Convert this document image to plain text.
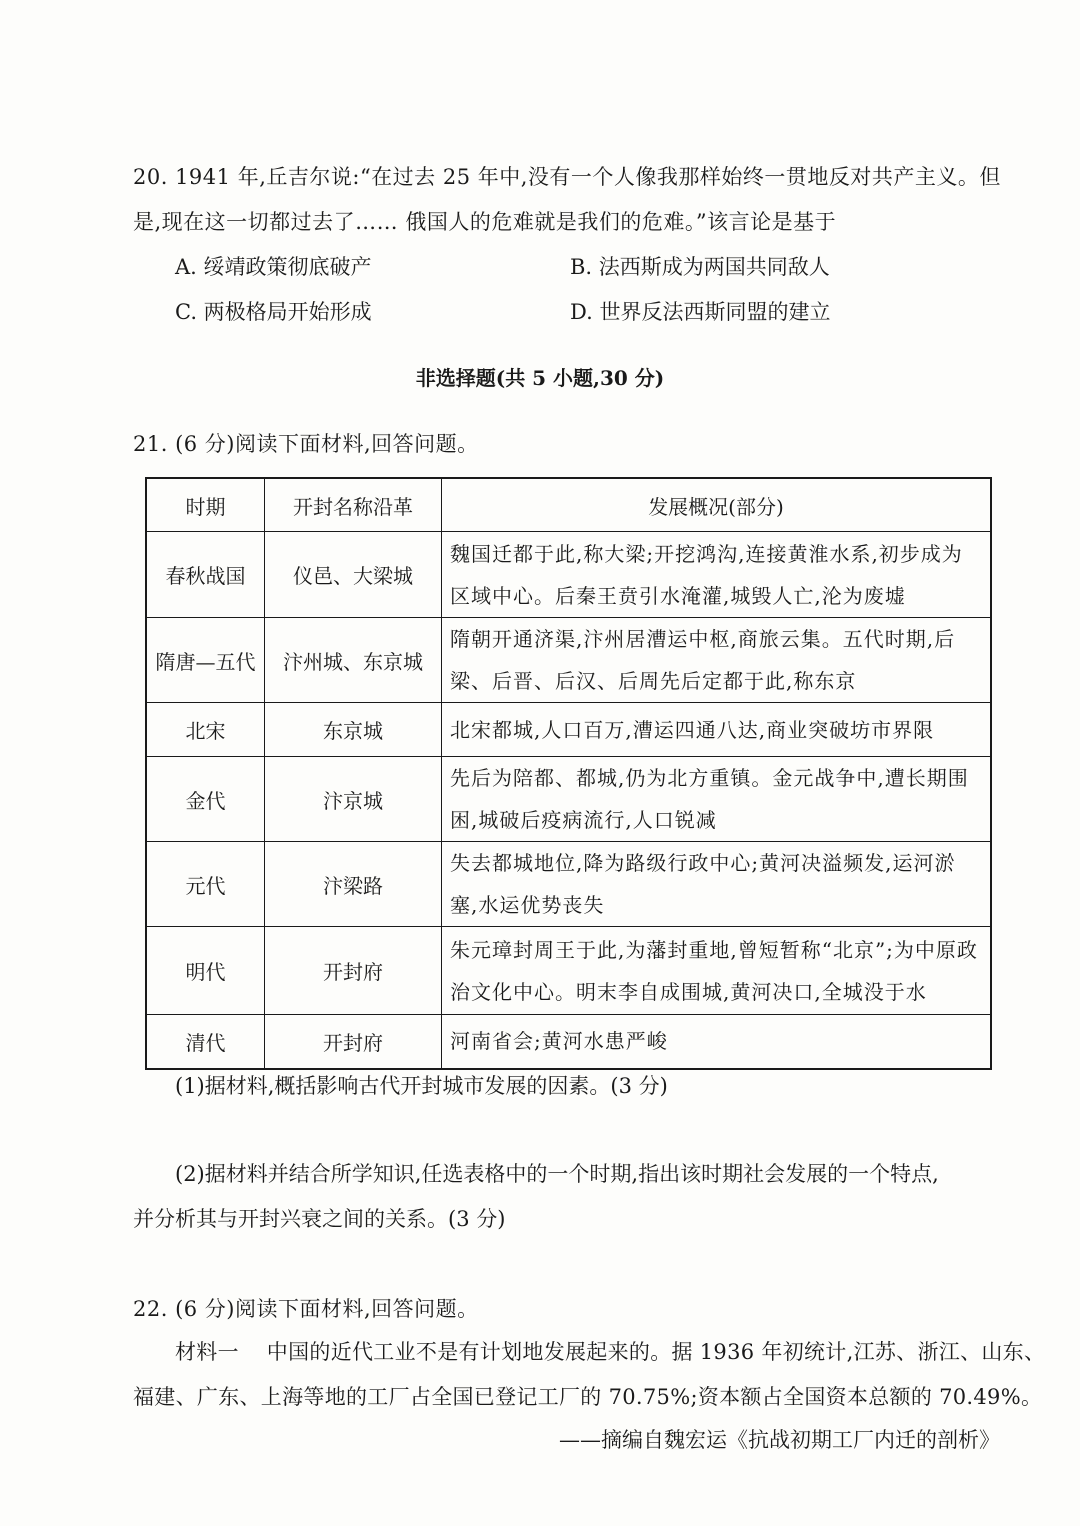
20. 1941 年,丘吉尔说:“在过去 25 年中,没有一个人像我那样始终一贯地反对共产主义。但
是,现在这一切都过去了…… 俄国人的危难就是我们的危难。”该言论是基于
A. 绥靖政策彻底破产	B. 法西斯成为两国共同敌人
C. 两极格局开始形成	D. 世界反法西斯同盟的建立
非选择题(共 5 小题,30 分)
21. (6 分)阅读下面材料,回答问题。
时期	开封名称沿革	发展概况(部分)
春秋战国	仪邑、大梁城	魏国迁都于此,称大梁;开挖鸿沟,连接黄淮水系,初步成为区域中心。后秦王贲引水淹灌,城毁人亡,沦为废墟
隋唐—五代	汴州城、东京城	隋朝开通济渠,汴州居漕运中枢,商旅云集。五代时期,后梁、后晋、后汉、后周先后定都于此,称东京
北宋	东京城	北宋都城,人口百万,漕运四通八达,商业突破坊市界限
金代	汴京城	先后为陪都、都城,仍为北方重镇。金元战争中,遭长期围困,城破后疫病流行,人口锐减
元代	汴梁路	失去都城地位,降为路级行政中心;黄河决溢频发,运河淤塞,水运优势丧失
明代	开封府	朱元璋封周王于此,为藩封重地,曾短暂称“北京”;为中原政治文化中心。明末李自成围城,黄河决口,全城没于水
清代	开封府	河南省会;黄河水患严峻
(1)据材料,概括影响古代开封城市发展的因素。(3 分)
(2)据材料并结合所学知识,任选表格中的一个时期,指出该时期社会发展的一个特点,
并分析其与开封兴衰之间的关系。(3 分)
22. (6 分)阅读下面材料,回答问题。
材料一    中国的近代工业不是有计划地发展起来的。据 1936 年初统计,江苏、浙江、山东、
福建、广东、上海等地的工厂占全国已登记工厂的 70.75%;资本额占全国资本总额的 70.49%。
——摘编自魏宏运《抗战初期工厂内迁的剖析》
